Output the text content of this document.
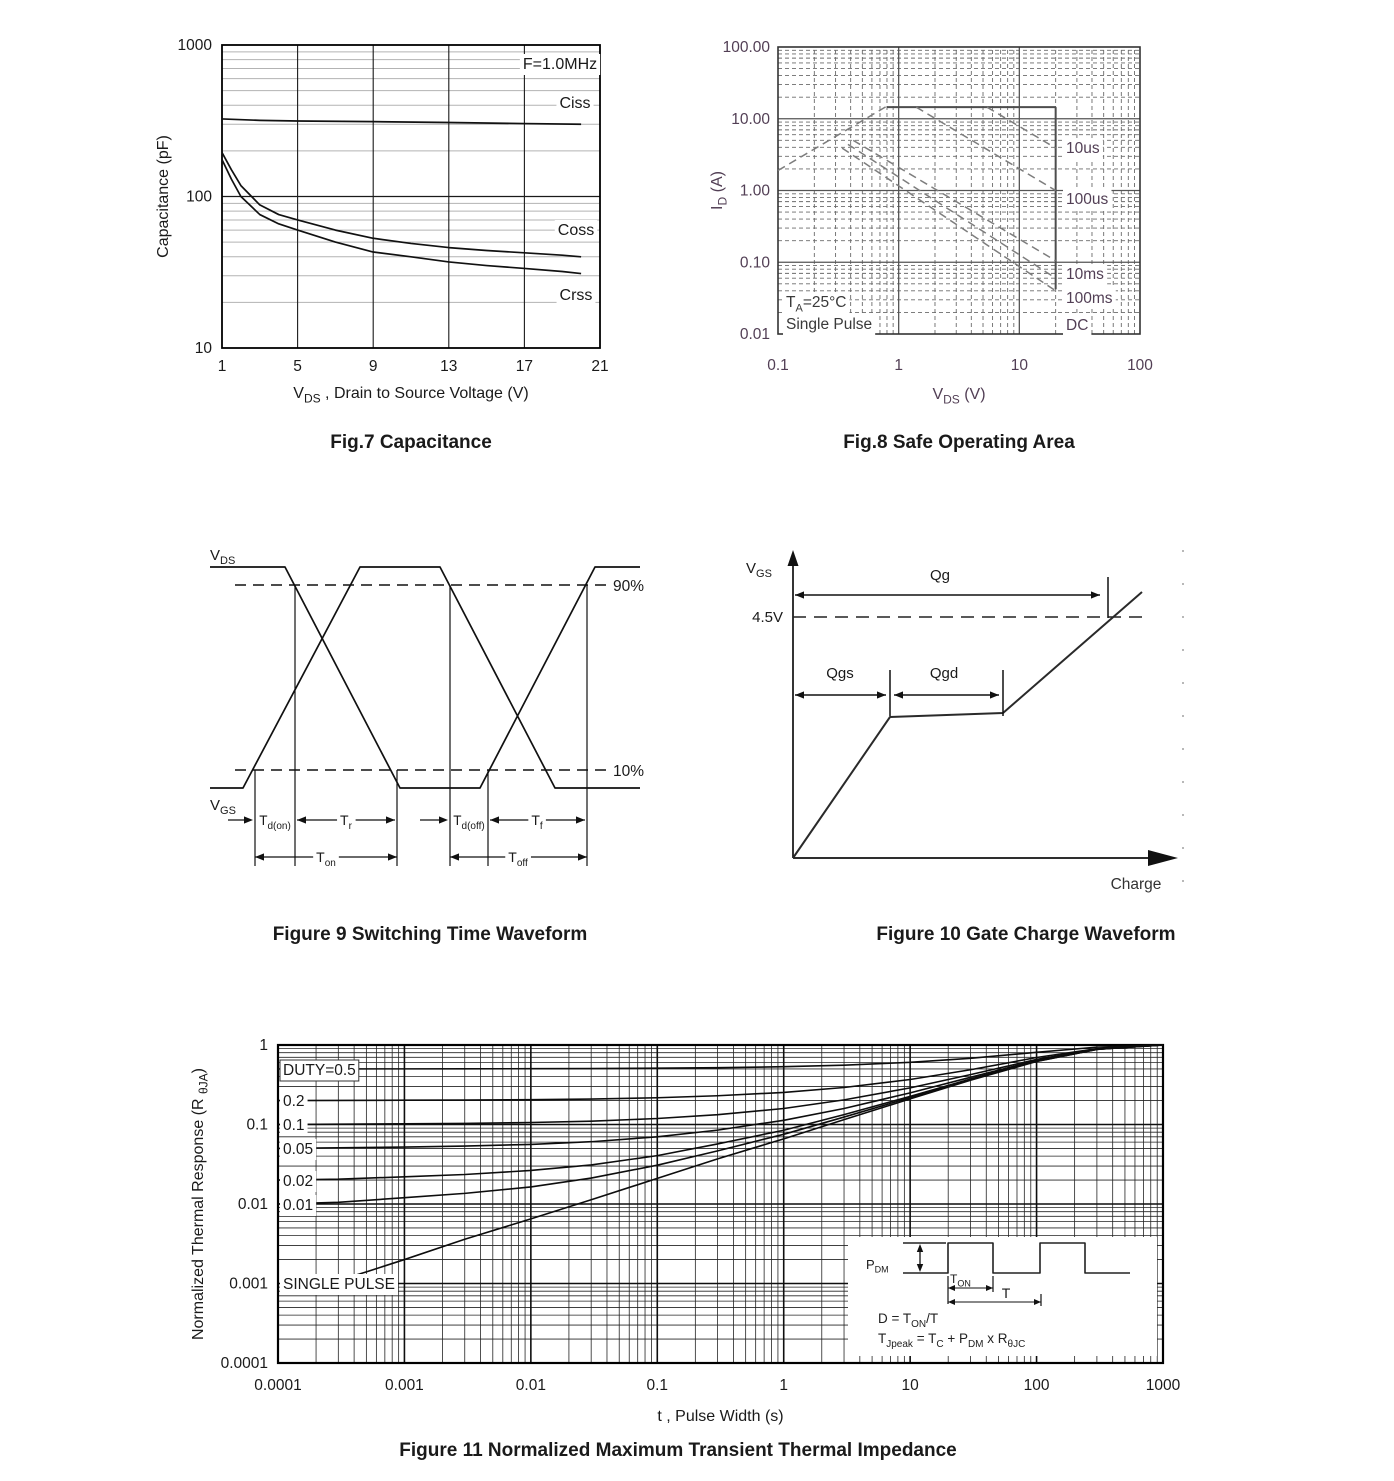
F=1.0MHz
Ciss
Coss
Crss
1000
100
10
1	5	9	13	17	21
Capacitance (pF)
$V_{DS}$ , Drain to Source Voltage (V)
10us
100us
10ms
100ms
DC
$T_A=25^\circ C$
Single Pulse
100.00
10.00
1.00
0.10
0.01
0.1	1	10	100
$I_D$ (A)
$V_{DS}$ (V)
90%
10%
$T_{d(on)}$	$T_r$	$T_{d(off)}$	$T_f$
$T_{on}$	$T_{off}$
$V_{DS}$
$V_{GS}$
Qg
Qgs	Qgd
$V_{GS}$
4.5V
Charge
DUTY=0.5
0.2
0.1
0.05
0.02
0.01
SINGLE PULSE
$P_{DM}$
$T_{ON}$
T
$D = T_{ON}/T$
$T_{Jpeak} = T_C + P_{DM}$ x $R_{\theta JC}$
1
0.1
0.01
0.001
0.0001
0.0001	0.001	0.01	0.1	1	10	100	1000
Normalized Thermal Response (R $_{\theta JA}$)
t , Pulse Width (s)
Fig.7 Capacitance	Fig.8 Safe Operating Area
Figure 9 Switching Time Waveform	Figure 10 Gate Charge Waveform
Figure 11 Normalized Maximum Transient Thermal Impedance
